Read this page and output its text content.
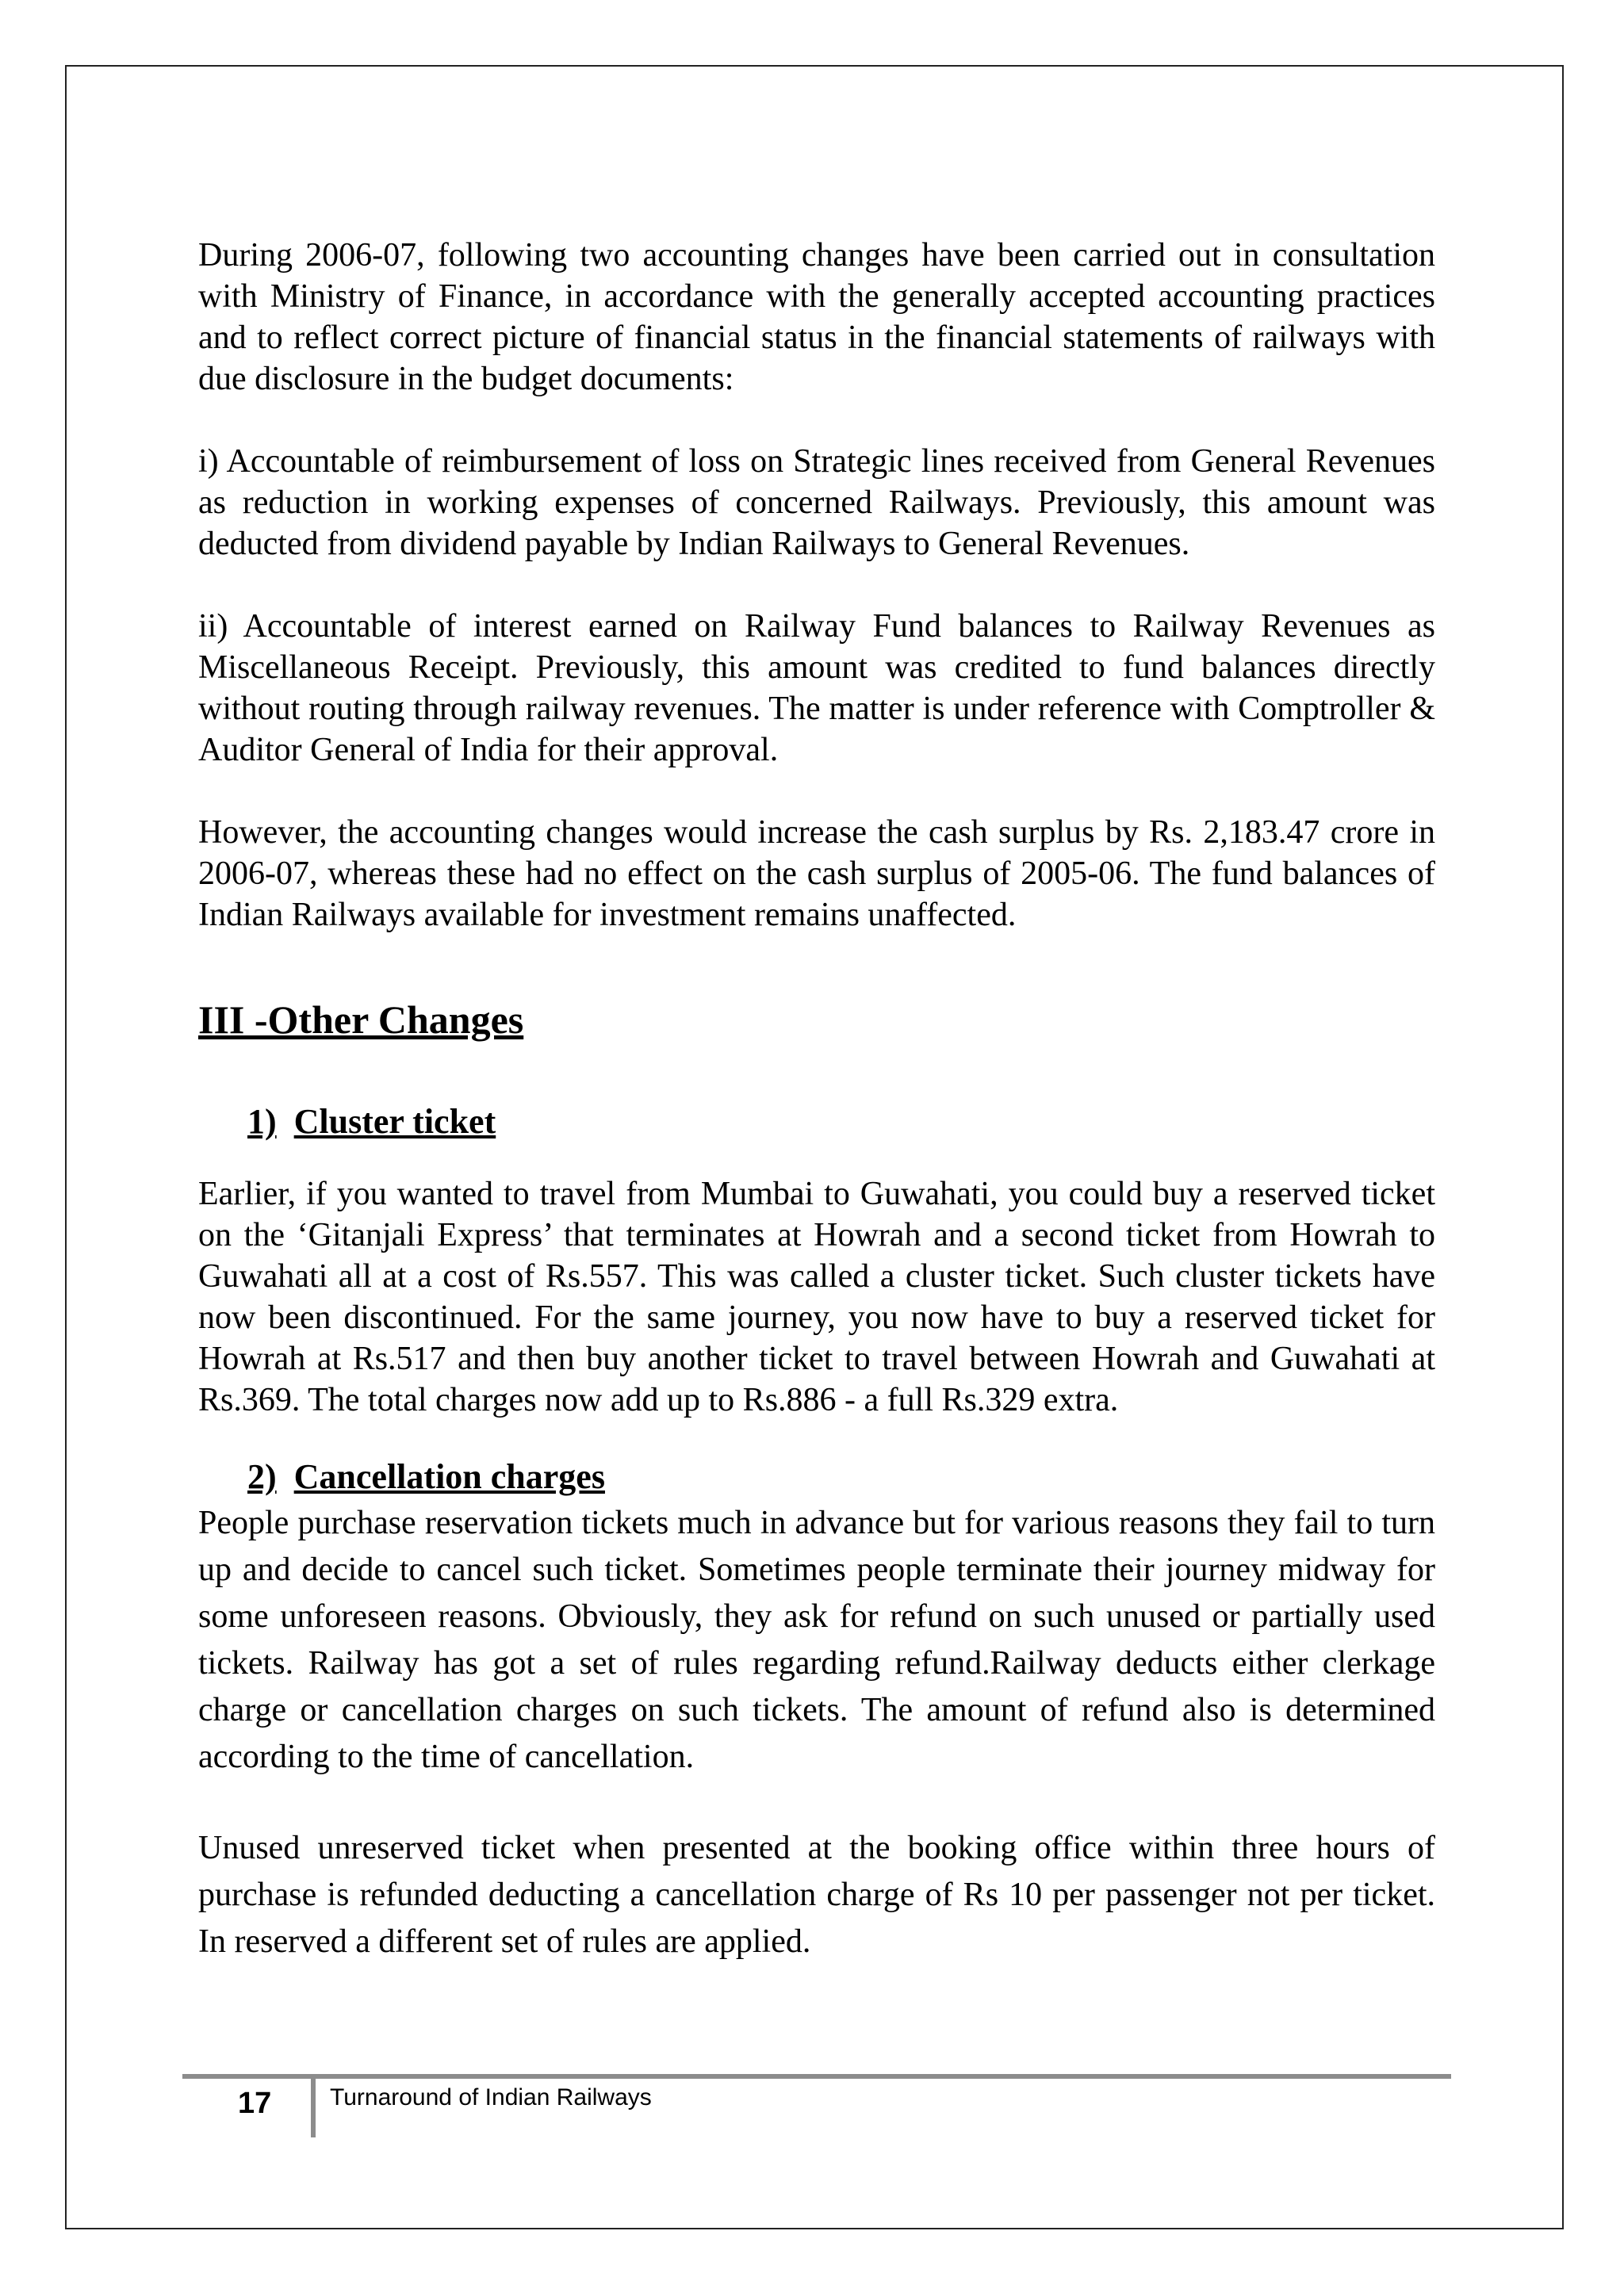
During 2006-07, following two accounting changes have been carried out in consultation with Ministry of Finance, in accordance with the generally accepted accounting practices and to reflect correct picture of financial status in the financial statements of railways with due disclosure in the budget documents:

i) Accountable of reimbursement of loss on Strategic lines received from General Revenues as reduction in working expenses of concerned Railways. Previously, this amount was deducted from dividend payable by Indian Railways to General Revenues.

ii) Accountable of interest earned on Railway Fund balances to Railway Revenues as Miscellaneous Receipt. Previously, this amount was credited to fund balances directly without routing through railway revenues. The matter is under reference with Comptroller & Auditor General of India for their approval.

However, the accounting changes would increase the cash surplus by Rs. 2,183.47 crore in 2006-07, whereas these had no effect on the cash surplus of 2005-06. The fund balances of Indian Railways available for investment remains unaffected.

III -Other Changes
1) Cluster ticket

Earlier, if you wanted to travel from Mumbai to Guwahati, you could buy a reserved ticket on the ‘Gitanjali Express’ that terminates at Howrah and a second ticket from Howrah to Guwahati all at a cost of Rs.557. This was called a cluster ticket. Such cluster tickets have now been discontinued. For the same journey, you now have to buy a reserved ticket for Howrah at Rs.517 and then buy another ticket to travel between Howrah and Guwahati at Rs.369. The total charges now add up to Rs.886 - a full Rs.329 extra.

2) Cancellation charges

People purchase reservation tickets much in advance but for various reasons they fail to turn up and decide to cancel such ticket. Sometimes people terminate their journey midway for some unforeseen reasons. Obviously, they ask for refund on such unused or partially used tickets. Railway has got a set of rules regarding refund.Railway deducts either clerkage charge or cancellation charges on such tickets. The amount of refund also is determined according to the time of cancellation.

Unused unreserved ticket when presented at the booking office within three hours of purchase is refunded deducting a cancellation charge of Rs 10 per passenger not per ticket. In reserved a different set of rules are applied.

17	Turnaround of Indian Railways
